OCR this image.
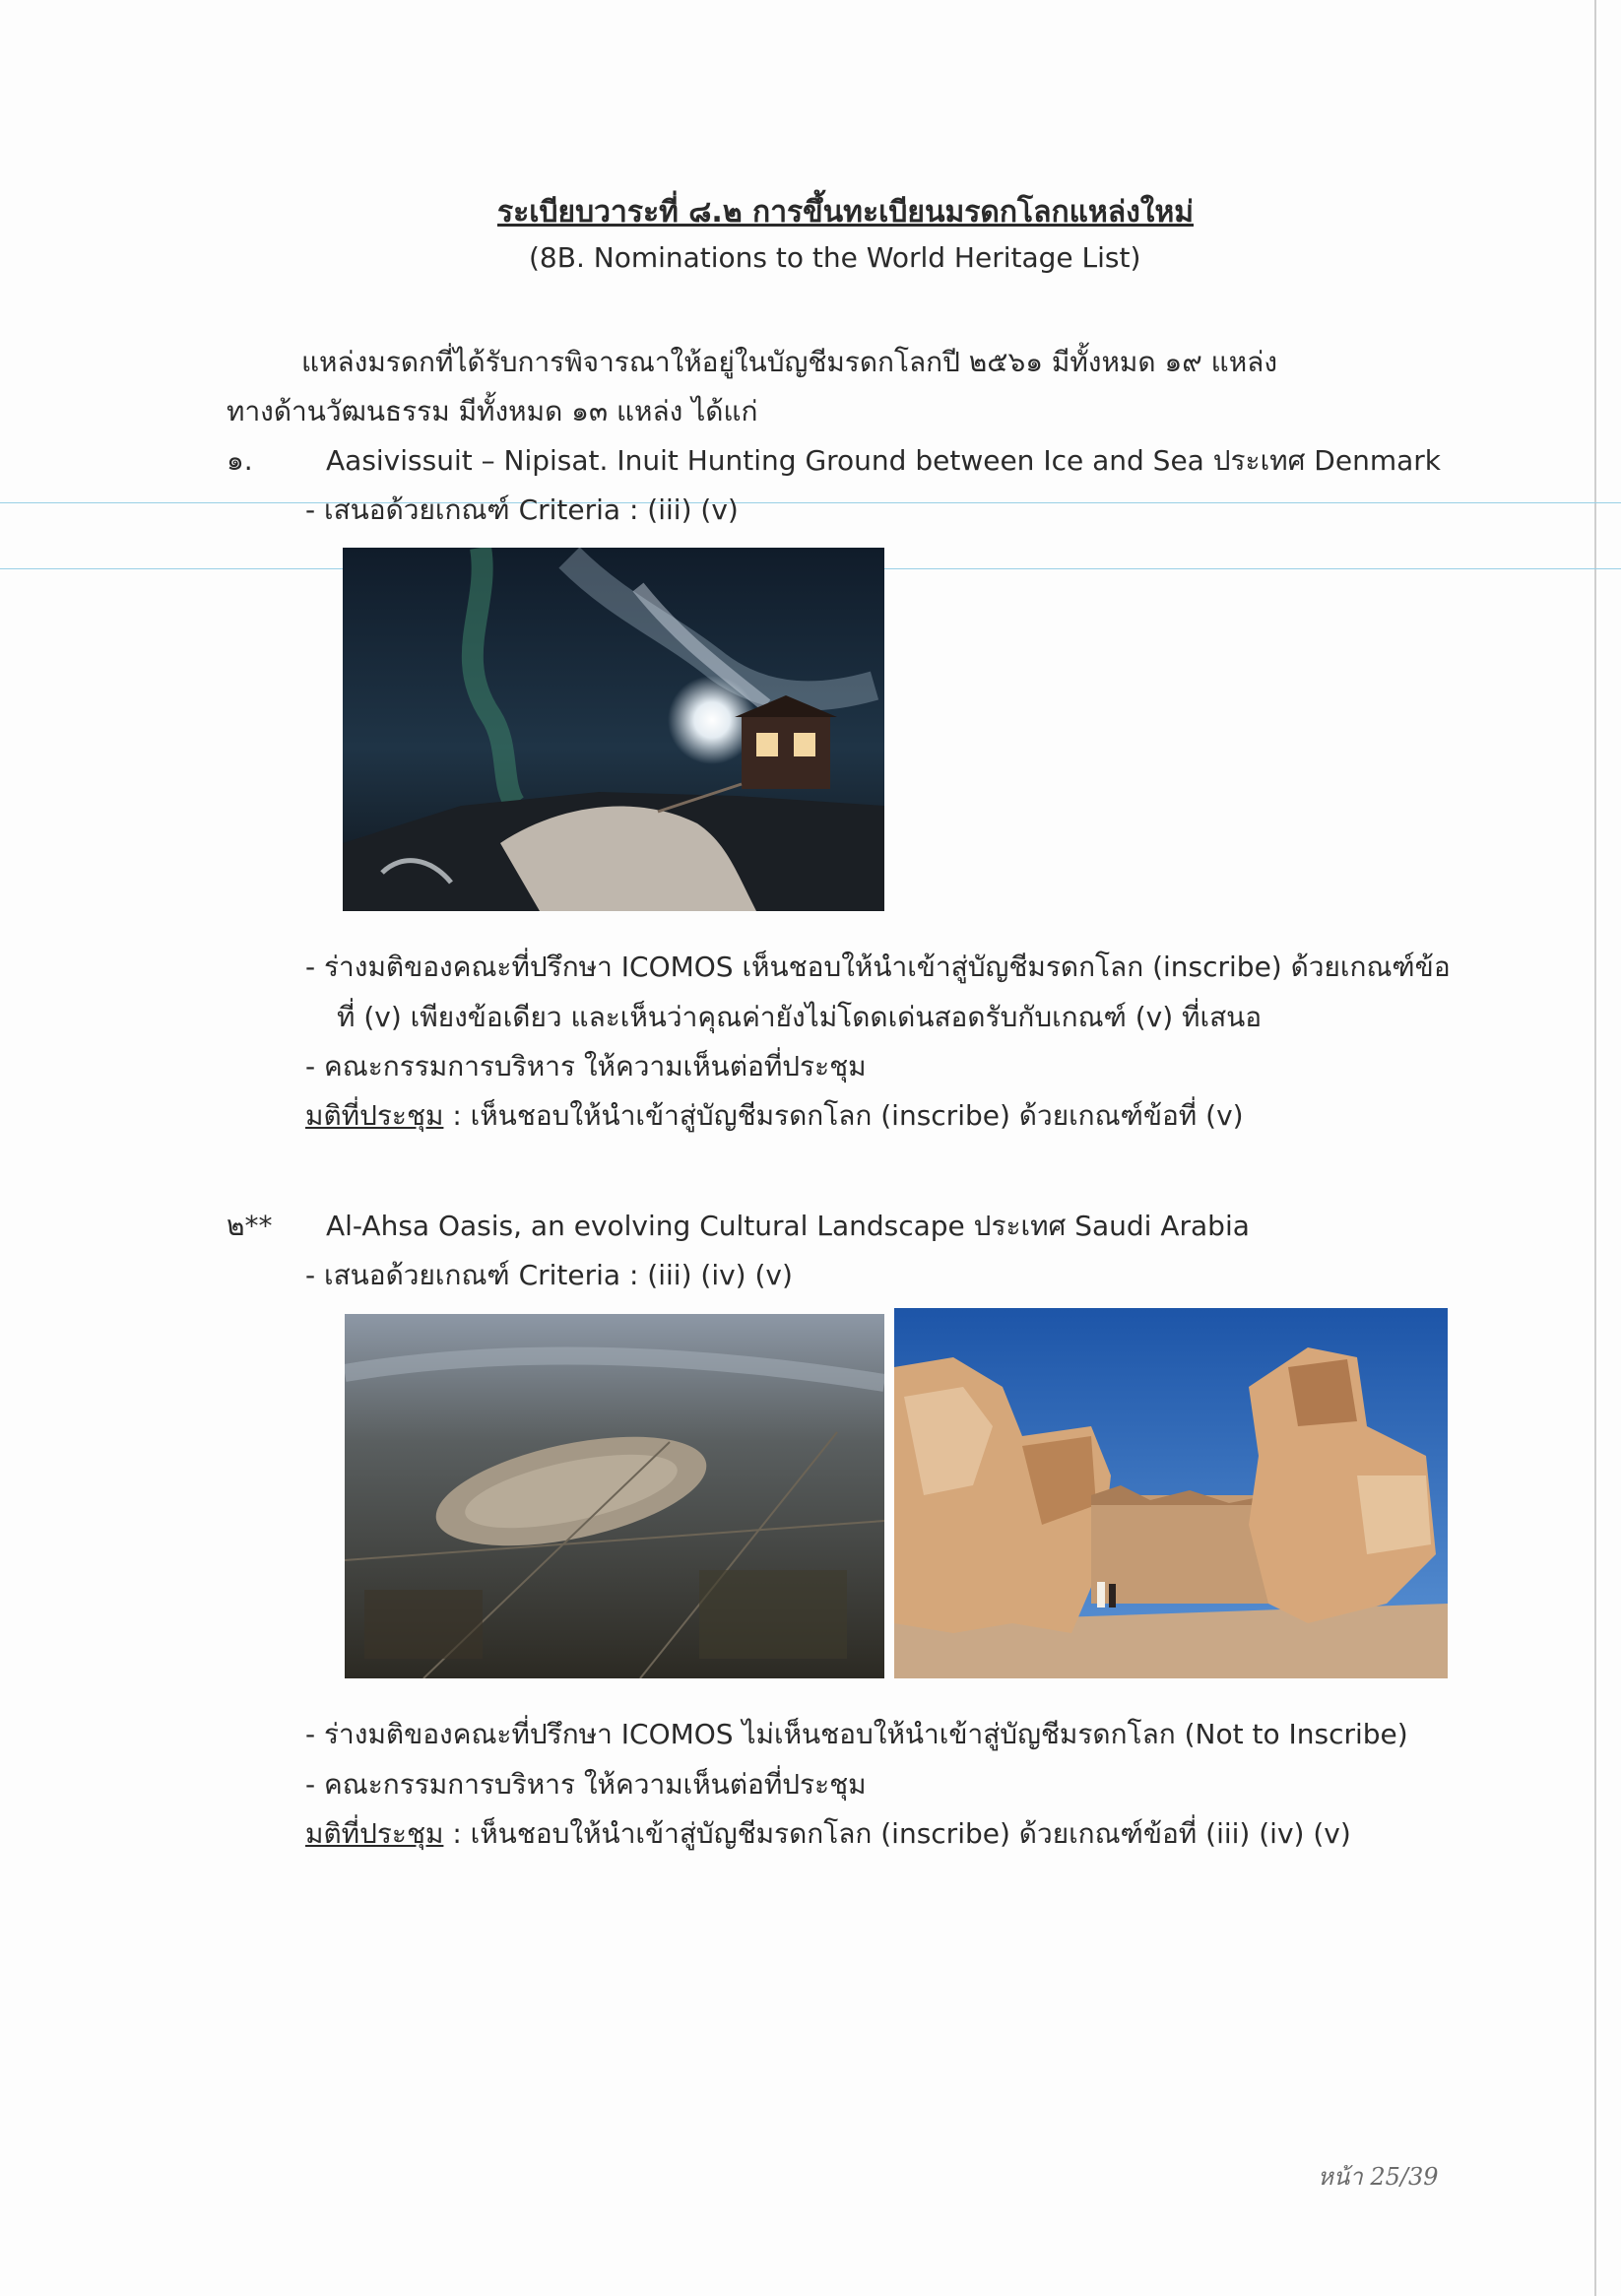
ระเบียบวาระที่ ๘.๒ การขึ้นทะเบียนมรดกโลกแหล่งใหม่
(8B. Nominations to the World Heritage List)
แหล่งมรดกที่ได้รับการพิจารณาให้อยู่ในบัญชีมรดกโลกปี ๒๕๖๑ มีทั้งหมด ๑๙ แหล่ง
ทางด้านวัฒนธรรม มีทั้งหมด ๑๓ แหล่ง ได้แก่
๑.	Aasivissuit – Nipisat. Inuit Hunting Ground between Ice and Sea ประเทศ Denmark
- เสนอด้วยเกณฑ์ Criteria : (iii) (v)
- ร่างมติของคณะที่ปรึกษา ICOMOS เห็นชอบให้นำเข้าสู่บัญชีมรดกโลก (inscribe) ด้วยเกณฑ์ข้อ
ที่ (v) เพียงข้อเดียว และเห็นว่าคุณค่ายังไม่โดดเด่นสอดรับกับเกณฑ์ (v) ที่เสนอ
- คณะกรรมการบริหาร ให้ความเห็นต่อที่ประชุม
มติที่ประชุม : เห็นชอบให้นำเข้าสู่บัญชีมรดกโลก (inscribe) ด้วยเกณฑ์ข้อที่ (v)
๒** Al-Ahsa Oasis, an evolving Cultural Landscape ประเทศ Saudi Arabia
- เสนอด้วยเกณฑ์ Criteria : (iii) (iv) (v)
- ร่างมติของคณะที่ปรึกษา ICOMOS ไม่เห็นชอบให้นำเข้าสู่บัญชีมรดกโลก (Not to Inscribe)
- คณะกรรมการบริหาร ให้ความเห็นต่อที่ประชุม
มติที่ประชุม : เห็นชอบให้นำเข้าสู่บัญชีมรดกโลก (inscribe) ด้วยเกณฑ์ข้อที่ (iii) (iv) (v)
หน้า 25/39
